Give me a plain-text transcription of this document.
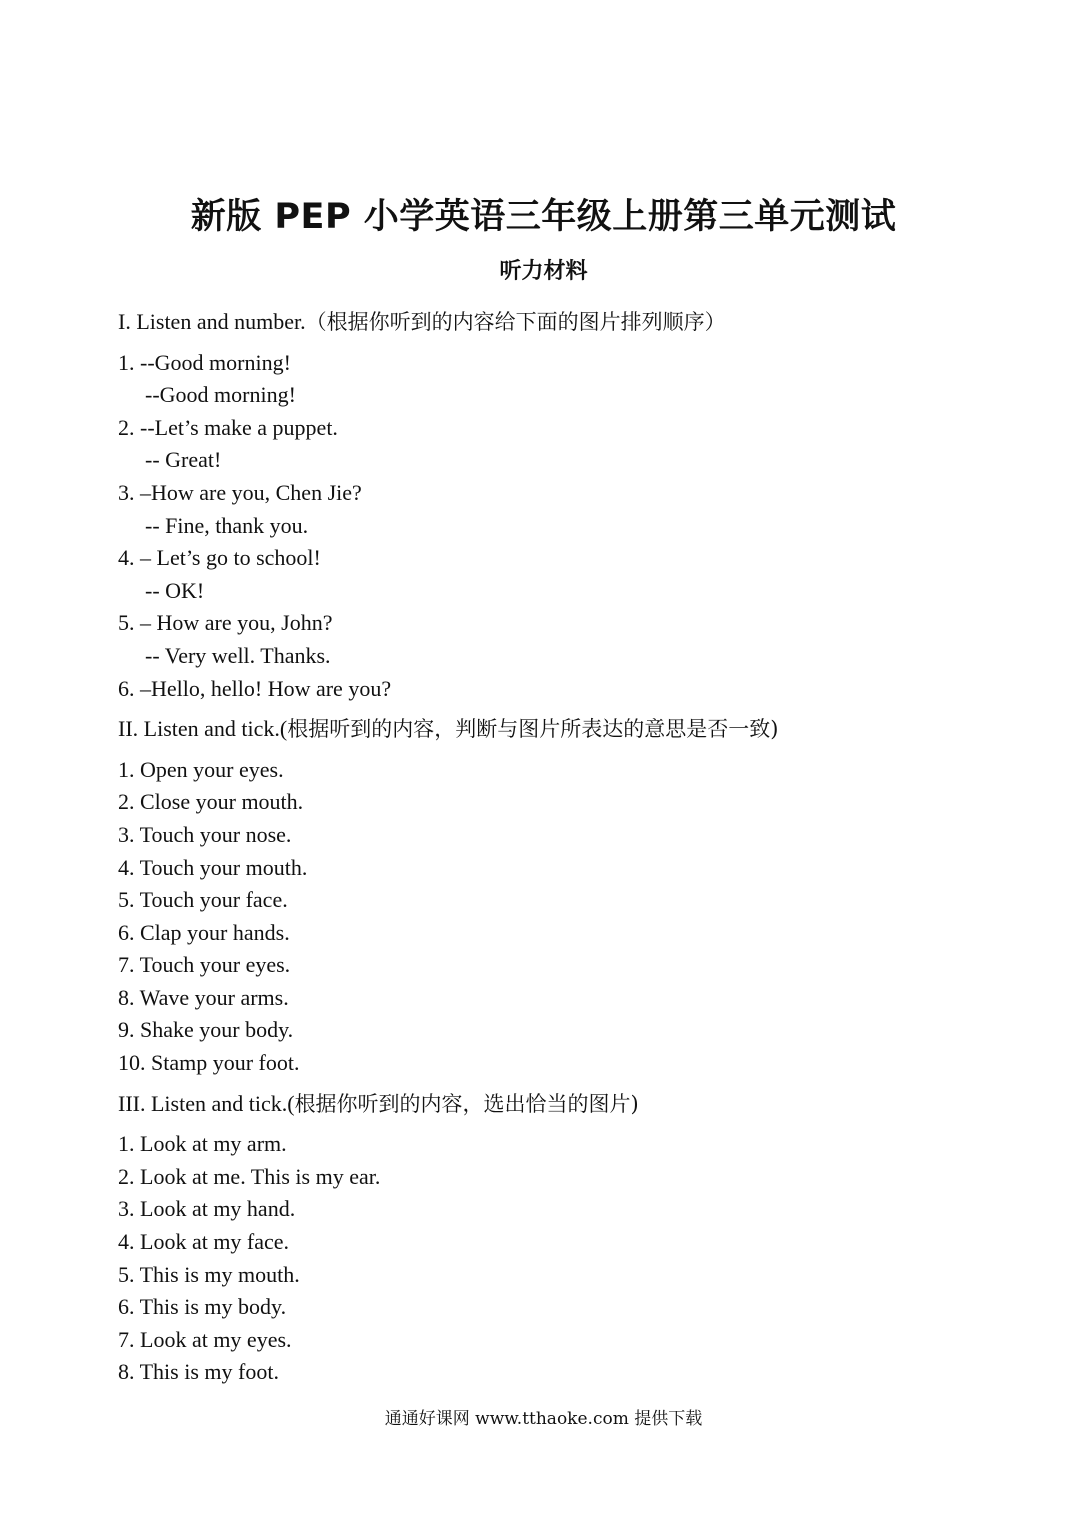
新版 PEP 小学英语三年级上册第三单元测试
听力材料
I. Listen and number.（根据你听到的内容给下面的图片排列顺序）
1. --Good morning!
--Good morning!
2. --Let’s make a puppet.
-- Great!
3. –How are you, Chen Jie?
-- Fine, thank you.
4. – Let’s go to school!
-- OK!
5. – How are you, John?
-- Very well. Thanks.
6. –Hello, hello! How are you?
II. Listen and tick.(根据听到的内容，判断与图片所表达的意思是否一致)
1. Open your eyes.
2. Close your mouth.
3. Touch your nose.
4. Touch your mouth.
5. Touch your face.
6. Clap your hands.
7. Touch your eyes.
8. Wave your arms.
9. Shake your body.
10. Stamp your foot.
III. Listen and tick.(根据你听到的内容，选出恰当的图片)
1. Look at my arm.
2. Look at me. This is my ear.
3. Look at my hand.
4. Look at my face.
5. This is my mouth.
6. This is my body.
7. Look at my eyes.
8. This is my foot.
通通好课网 www.tthaoke.com 提供下载
